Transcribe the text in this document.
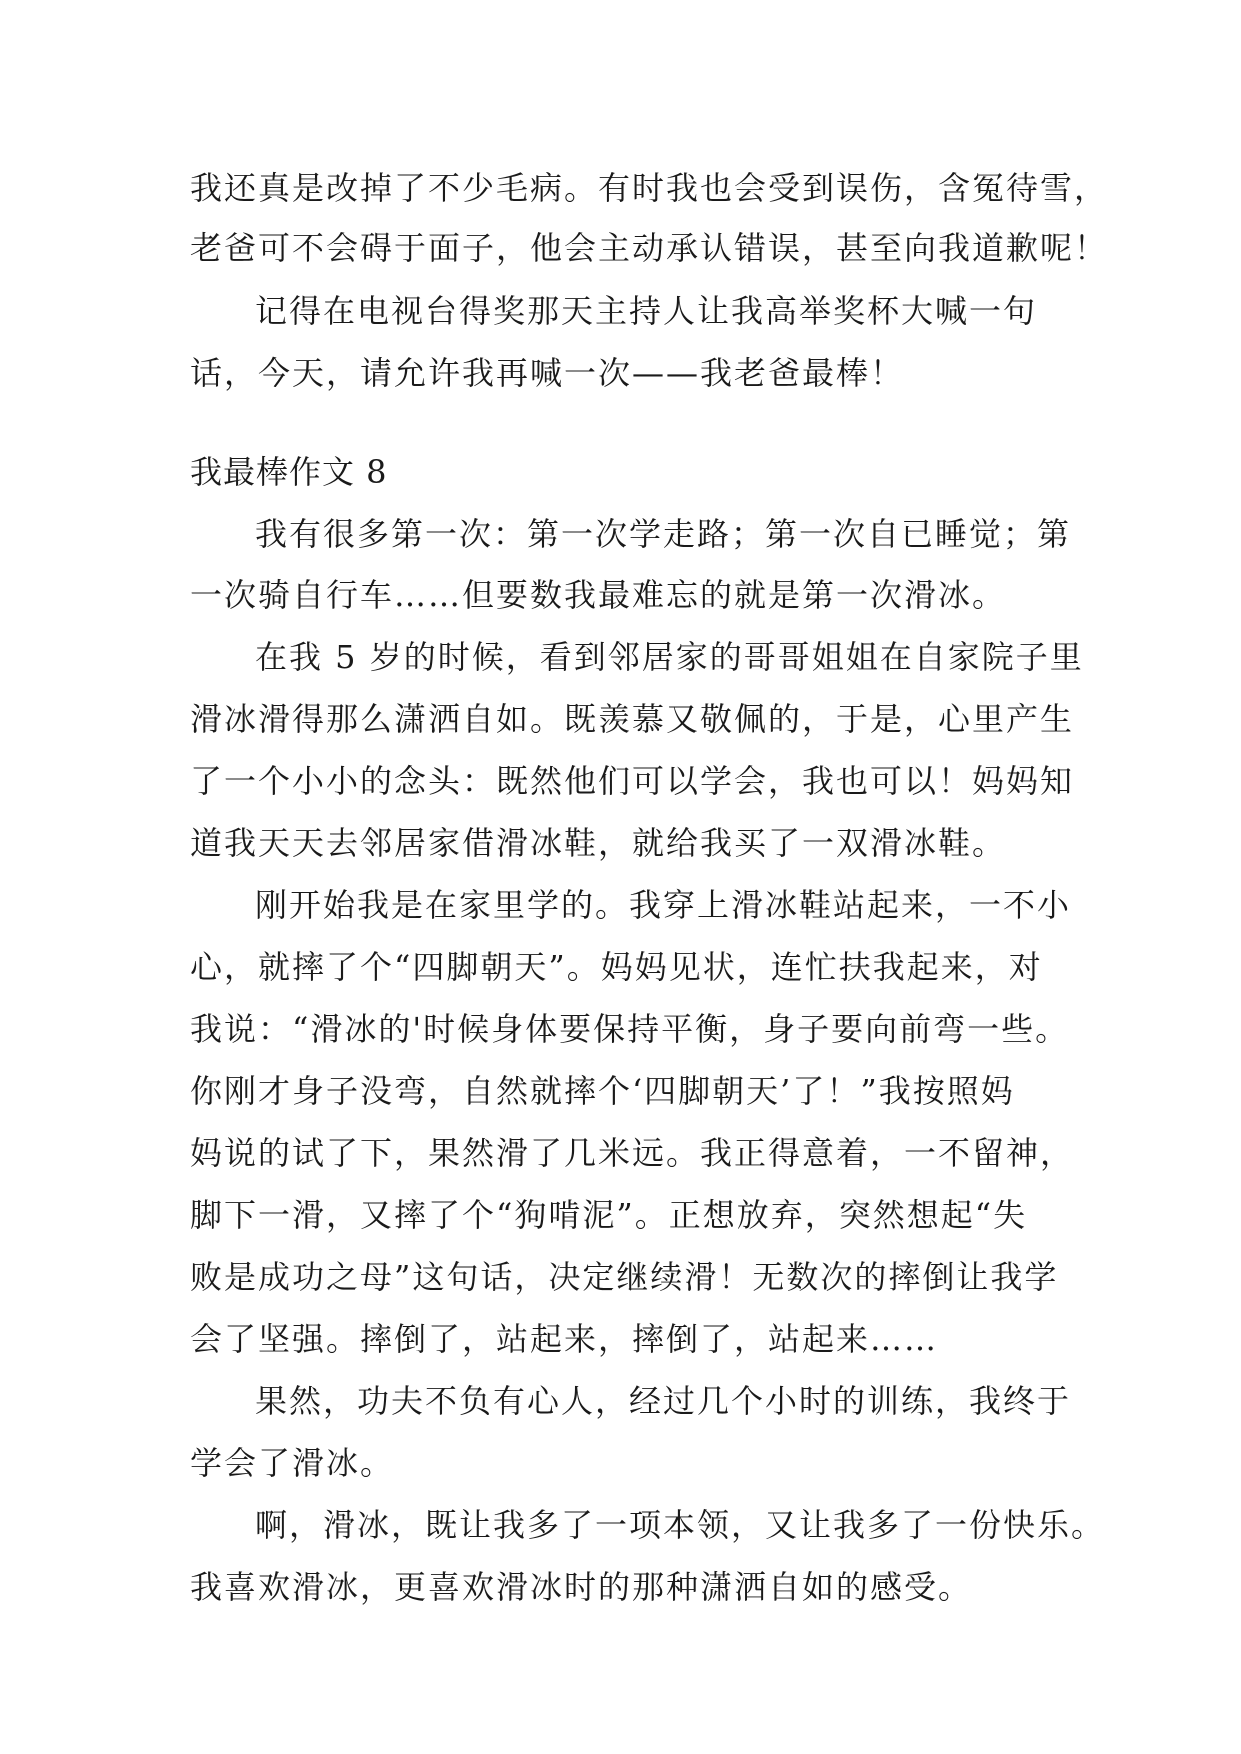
我还真是改掉了不少毛病。有时我也会受到误伤，含冤待雪，
老爸可不会碍于面子，他会主动承认错误，甚至向我道歉呢！
记得在电视台得奖那天主持人让我高举奖杯大喊一句
话，今天，请允许我再喊一次——我老爸最棒！
我最棒作文 8
我有很多第一次：第一次学走路；第一次自已睡觉；第
一次骑自行车……但要数我最难忘的就是第一次滑冰。
在我 5 岁的时候，看到邻居家的哥哥姐姐在自家院子里
滑冰滑得那么潇洒自如。既羡慕又敬佩的，于是，心里产生
了一个小小的念头：既然他们可以学会，我也可以！妈妈知
道我天天去邻居家借滑冰鞋，就给我买了一双滑冰鞋。
刚开始我是在家里学的。我穿上滑冰鞋站起来，一不小
心，就摔了个“四脚朝天”。妈妈见状，连忙扶我起来，对
我说：“滑冰的'时候身体要保持平衡，身子要向前弯一些。
你刚才身子没弯，自然就摔个‘四脚朝天’了！”我按照妈
妈说的试了下，果然滑了几米远。我正得意着，一不留神，
脚下一滑，又摔了个“狗啃泥”。正想放弃，突然想起“失
败是成功之母”这句话，决定继续滑！无数次的摔倒让我学
会了坚强。摔倒了，站起来，摔倒了，站起来……
果然，功夫不负有心人，经过几个小时的训练，我终于
学会了滑冰。
啊，滑冰，既让我多了一项本领，又让我多了一份快乐。
我喜欢滑冰，更喜欢滑冰时的那种潇洒自如的感受。
